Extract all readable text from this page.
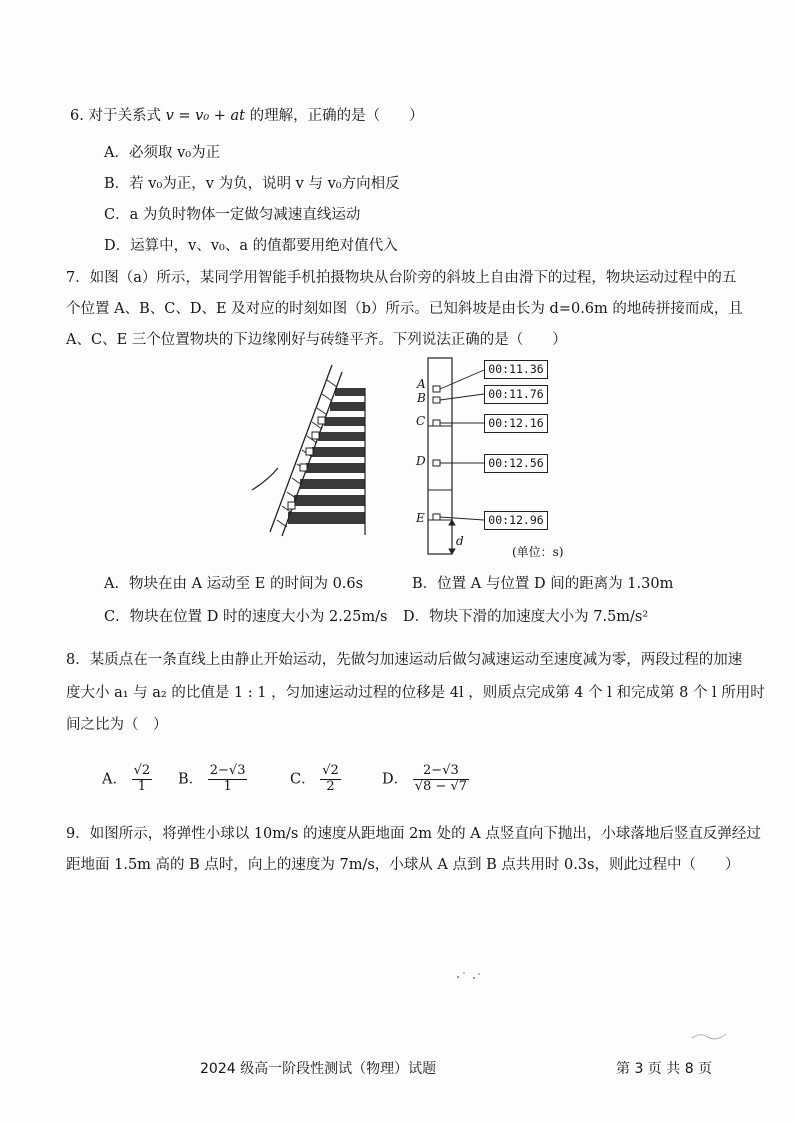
6. 对于关系式 v = v₀ + at 的理解，正确的是（　　）
A．必须取 v₀为正
B．若 v₀为正，v 为负，说明 v 与 v₀方向相反
C．a 为负时物体一定做匀减速直线运动
D．运算中，v、v₀、a 的值都要用绝对值代入
7．如图（a）所示，某同学用智能手机拍摄物块从台阶旁的斜坡上自由滑下的过程，物块运动过程中的五
个位置 A、B、C、D、E 及对应的时刻如图（b）所示。已知斜坡是由长为 d=0.6m 的地砖拼接而成，且
A、C、E 三个位置物块的下边缘刚好与砖缝平齐。下列说法正确的是（　　）
A
B
C
D
E
d
00:11.36
00:11.76
00:12.16
00:12.56
00:12.96
(单位：s)
A．物块在由 A 运动至 E 的时间为 0.6s	B．位置 A 与位置 D 间的距离为 1.30m
C．物块在位置 D 时的速度大小为 2.25m/s D．物块下滑的加速度大小为 7.5m/s²
8．某质点在一条直线上由静止开始运动，先做匀加速运动后做匀减速运动至速度减为零，两段过程的加速
度大小 a₁ 与 a₂ 的比值是 1 : 1 ，匀加速运动过程的位移是 4l ，则质点完成第 4 个 l 和完成第 8 个 l 所用时
间之比为（　）
A． $\frac{√2}{1}$ B． $\frac{2-√3}{1}$	C． $\frac{√2}{2}$	D． $\frac{2-√3}{√8 - √7}$
9．如图所示，将弹性小球以 10m/s 的速度从距地面 2m 处的 A 点竖直向下抛出，小球落地后竖直反弹经过
距地面 1.5m 高的 B 点时，向上的速度为 7m/s，小球从 A 点到 B 点共用时 0.3s，则此过程中（　　）
2024 级高一阶段性测试（物理）试题	第 3 页 共 8 页
